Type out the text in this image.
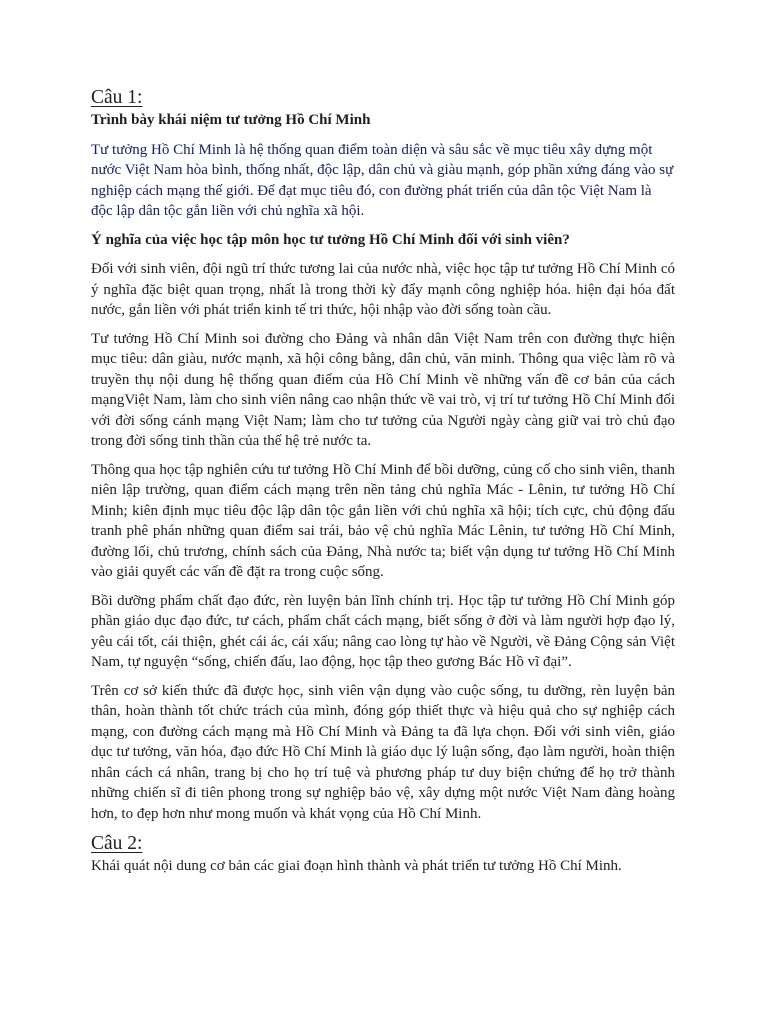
Câu 1:

Trình bày khái niệm tư tưởng Hồ Chí Minh

Tư tưởng Hồ Chí Minh là hệ thống quan điểm toàn diện và sâu sắc về mục tiêu xây dựng một nước Việt Nam hòa bình, thống nhất, độc lập, dân chủ và giàu mạnh, góp phần xứng đáng vào sự nghiệp cách mạng thế giới. Để đạt mục tiêu đó, con đường phát triển của dân tộc Việt Nam là độc lập dân tộc gắn liền với chủ nghĩa xã hội.

Ý nghĩa của việc học tập môn học tư tưởng Hồ Chí Minh đối với sinh viên?

Đối với sinh viên, đội ngũ trí thức tương lai của nước nhà, việc học tập tư tưởng Hồ Chí Minh có ý nghĩa đặc biệt quan trọng, nhất là trong thời kỳ đẩy mạnh công nghiệp hóa. hiện đại hóa đất nước, gắn liền với phát triển kinh tế tri thức, hội nhập vào đời sống toàn cầu.

Tư tưởng Hồ Chí Minh soi đường cho Đảng và nhân dân Việt Nam trên con đường thực hiện mục tiêu: dân giàu, nước mạnh, xã hội công bằng, dân chủ, văn minh. Thông qua việc làm rõ và truyền thụ nội dung hệ thống quan điểm của Hồ Chí Minh về những vấn đề cơ bản của cách mạngViệt Nam, làm cho sinh viên nâng cao nhận thức về vai trò, vị trí tư tưởng Hồ Chí Minh đối với đời sống cánh mạng Việt Nam; làm cho tư tưởng của Người ngày càng giữ vai trò chủ đạo trong đời sống tinh thần của thế hệ trẻ nước ta.

Thông qua học tập nghiên cứu tư tưởng Hồ Chí Minh để bồi dưỡng, củng cố cho sinh viên, thanh niên lập trường, quan điểm cách mạng trên nền tảng chủ nghĩa Mác - Lênin, tư tưởng Hồ Chí Minh; kiên định mục tiêu độc lập dân tộc gắn liền với chủ nghĩa xã hội; tích cực, chủ động đấu tranh phê phán những quan điểm sai trái, bảo vệ chủ nghĩa Mác Lênin, tư tưởng Hồ Chí Minh, đường lối, chủ trương, chính sách của Đảng, Nhà nước ta; biết vận dụng tư tưởng Hồ Chí Minh vào giải quyết các vấn đề đặt ra trong cuộc sống.

Bồi dưỡng phẩm chất đạo đức, rèn luyện bản lĩnh chính trị. Học tập tư tưởng Hồ Chí Minh góp phần giáo dục đạo đức, tư cách, phẩm chất cách mạng, biết sống ở đời và làm người hợp đạo lý, yêu cái tốt, cái thiện, ghét cái ác, cái xấu; nâng cao lòng tự hào về Người, về Đảng Cộng sản Việt Nam, tự nguyện “sống, chiến đấu, lao động, học tập theo gương Bác Hồ vĩ đại”.

Trên cơ sở kiến thức đã được học, sinh viên vận dụng vào cuộc sống, tu dưỡng, rèn luyện bản thân, hoàn thành tốt chức trách của mình, đóng góp thiết thực và hiệu quả cho sự nghiệp cách mạng, con đường cách mạng mà Hồ Chí Minh và Đảng ta đã lựa chọn. Đối với sinh viên, giáo dục tư tưởng, văn hóa, đạo đức Hồ Chí Minh là giáo dục lý luận sống, đạo làm người, hoàn thiện nhân cách cá nhân, trang bị cho họ trí tuệ và phương pháp tư duy biện chứng để họ trở thành những chiến sĩ đi tiên phong trong sự nghiệp bảo vệ, xây dựng một nước Việt Nam đàng hoàng hơn, to đẹp hơn như mong muốn và khát vọng của Hồ Chí Minh.

Câu 2:

Khái quát nội dung cơ bản các giai đoạn hình thành và phát triển tư tưởng Hồ Chí Minh.
